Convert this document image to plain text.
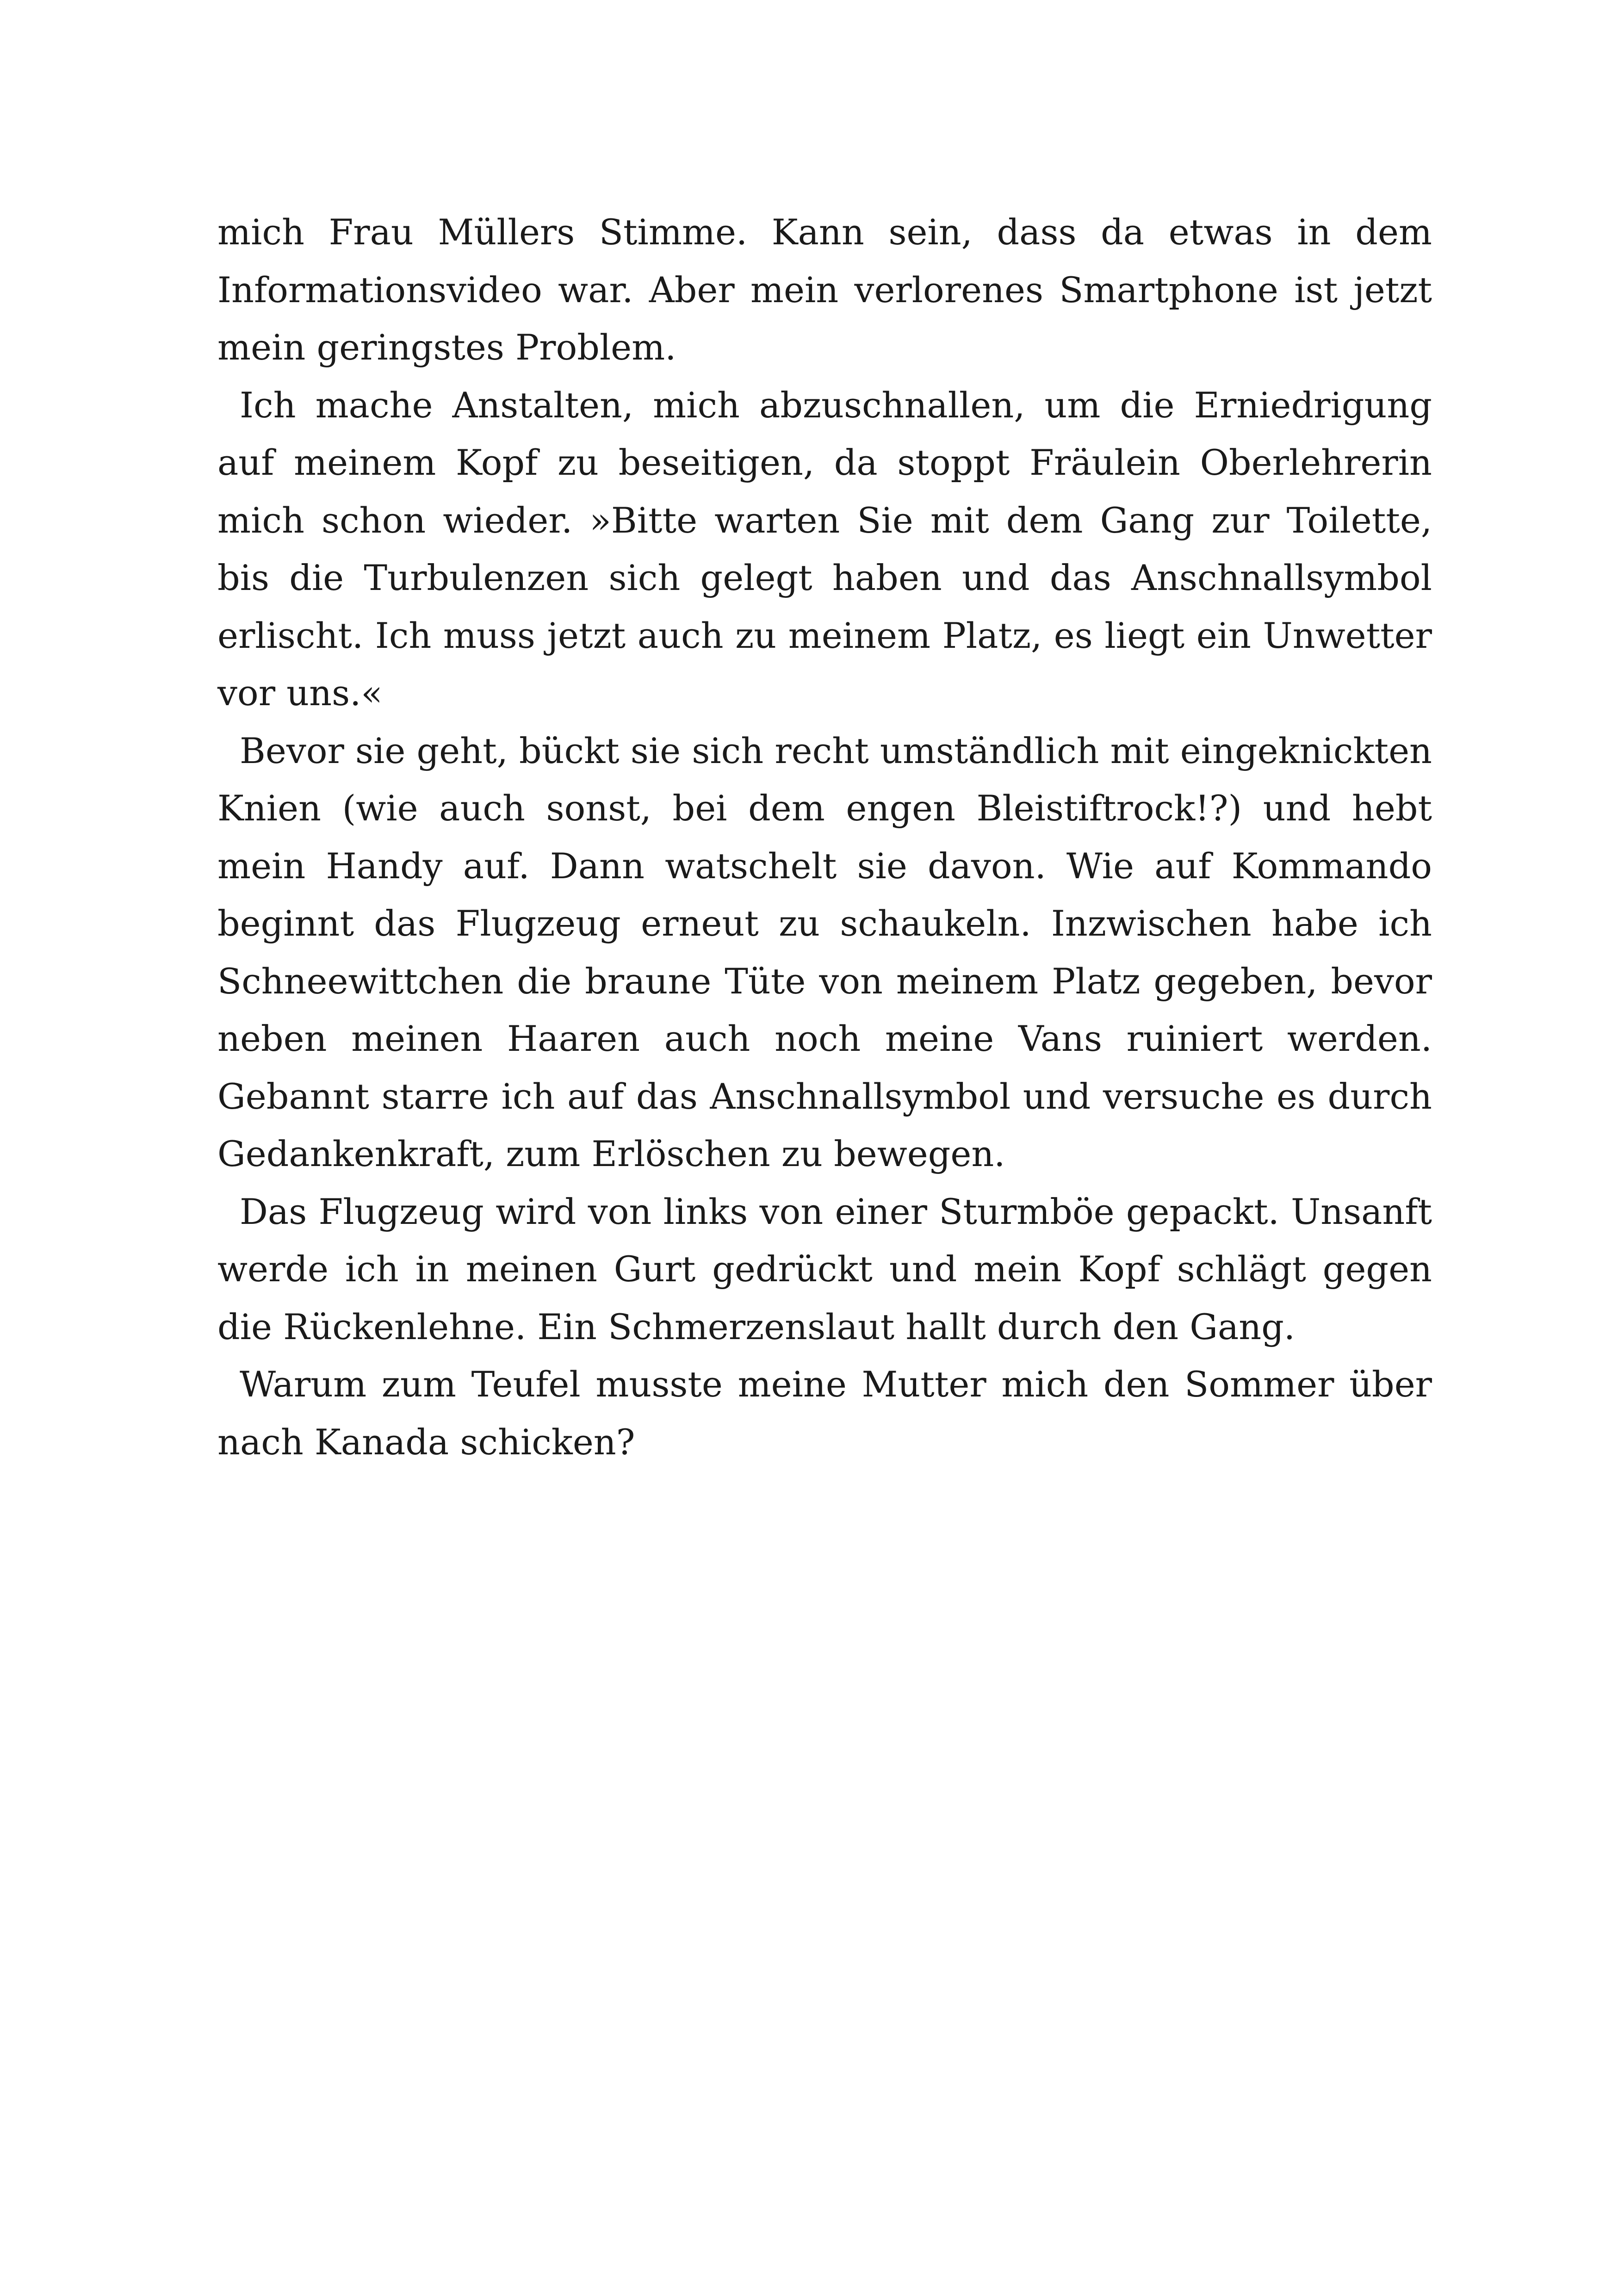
mich Frau Müllers Stimme. Kann sein, dass da etwas in dem Informationsvideo war. Aber mein verlorenes Smartphone ist jetzt mein geringstes Problem.

Ich mache Anstalten, mich abzuschnallen, um die Erniedrigung auf meinem Kopf zu beseitigen, da stoppt Fräulein Oberlehrerin mich schon wieder. »Bitte warten Sie mit dem Gang zur Toilette, bis die Turbulenzen sich gelegt haben und das Anschnallsymbol erlischt. Ich muss jetzt auch zu meinem Platz, es liegt ein Unwetter vor uns.«

Bevor sie geht, bückt sie sich recht umständlich mit eingeknickten Knien (wie auch sonst, bei dem engen Bleistiftrock!?) und hebt mein Handy auf. Dann watschelt sie davon. Wie auf Kommando beginnt das Flugzeug erneut zu schaukeln. Inzwischen habe ich Schneewittchen die braune Tüte von meinem Platz gegeben, bevor neben meinen Haaren auch noch meine Vans ruiniert werden. Gebannt starre ich auf das Anschnallsymbol und versuche es durch Gedankenkraft, zum Erlöschen zu bewegen.

Das Flugzeug wird von links von einer Sturmböe gepackt. Unsanft werde ich in meinen Gurt gedrückt und mein Kopf schlägt gegen die Rückenlehne. Ein Schmerzenslaut hallt durch den Gang.

Warum zum Teufel musste meine Mutter mich den Sommer über nach Kanada schicken?
